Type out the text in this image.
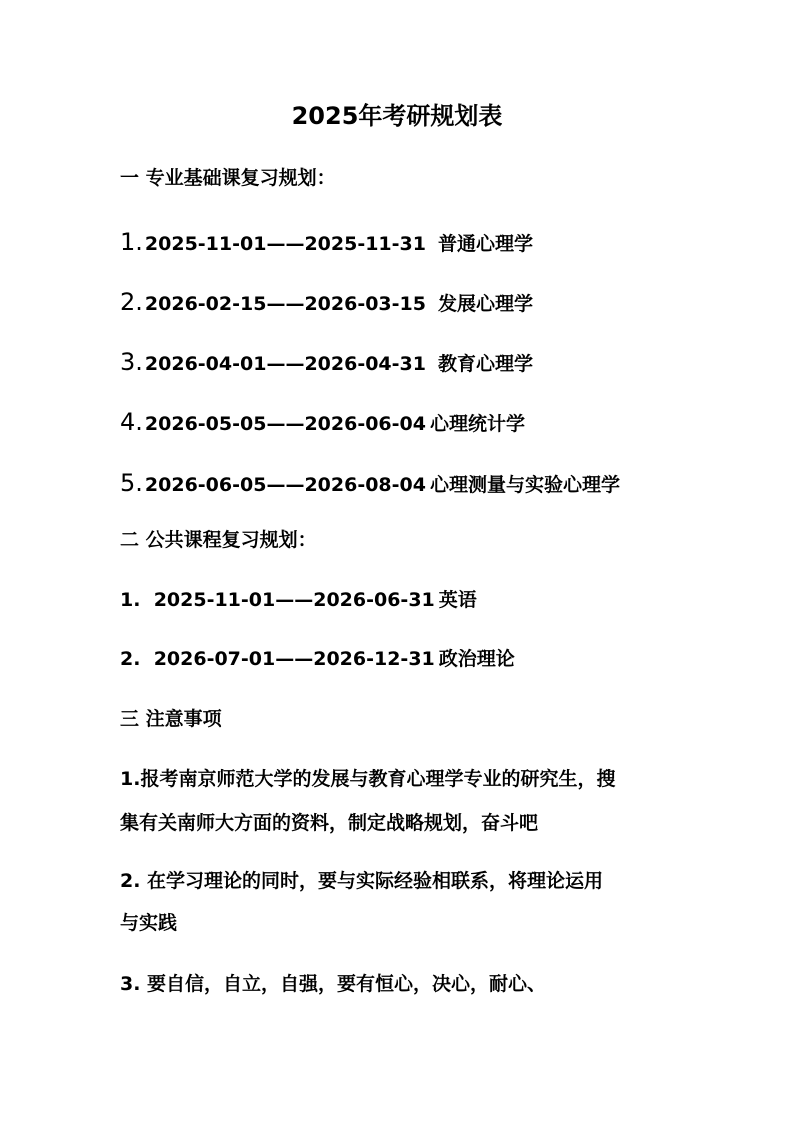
2025年考研规划表
一 专业基础课复习规划：
1. 2025-11-01——2025-11-31 普通心理学
2. 2026-02-15——2026-03-15 发展心理学
3. 2026-04-01——2026-04-31 教育心理学
4. 2026-05-05——2026-06-04 心理统计学
5. 2026-06-05——2026-08-04 心理测量与实验心理学
二 公共课程复习规划：
1. 2025-11-01——2026-06-31 英语
2. 2026-07-01——2026-12-31 政治理论
三 注意事项
1.报考南京师范大学的发展与教育心理学专业的研究生，搜
集有关南师大方面的资料，制定战略规划，奋斗吧
2. 在学习理论的同时，要与实际经验相联系，将理论运用
与实践
3. 要自信，自立，自强，要有恒心，决心，耐心、
